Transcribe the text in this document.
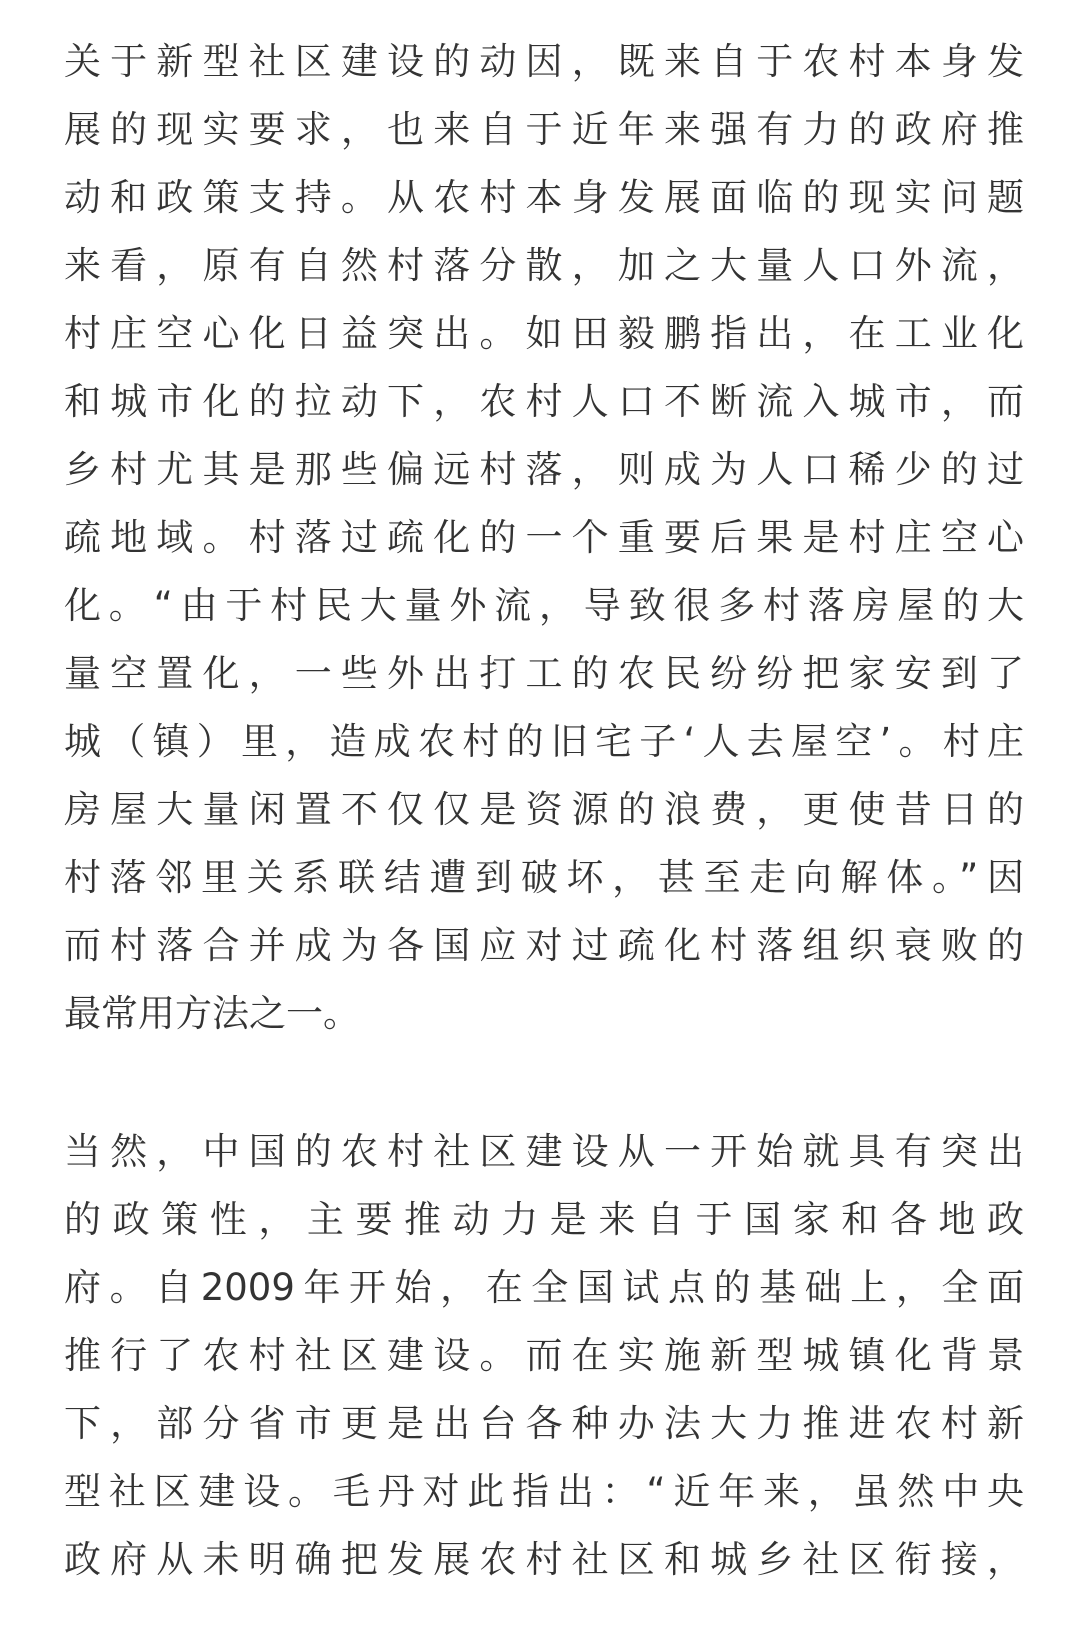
关于新型社区建设的动因，既来自于农村本身发
展的现实要求，也来自于近年来强有力的政府推
动和政策支持。从农村本身发展面临的现实问题
来看，原有自然村落分散，加之大量人口外流，
村庄空心化日益突出。如田毅鹏指出，在工业化
和城市化的拉动下，农村人口不断流入城市，而
乡村尤其是那些偏远村落，则成为人口稀少的过
疏地域。村落过疏化的一个重要后果是村庄空心
化。“由于村民大量外流，导致很多村落房屋的大
量空置化，一些外出打工的农民纷纷把家安到了
城（镇）里，造成农村的旧宅子‘人去屋空’。村庄
房屋大量闲置不仅仅是资源的浪费，更使昔日的
村落邻里关系联结遭到破坏，甚至走向解体。”因
而村落合并成为各国应对过疏化村落组织衰败的
最常用方法之一。
当然，中国的农村社区建设从一开始就具有突出
的政策性，主要推动力是来自于国家和各地政
府。自2009年开始，在全国试点的基础上，全面
推行了农村社区建设。而在实施新型城镇化背景
下，部分省市更是出台各种办法大力推进农村新
型社区建设。毛丹对此指出：“近年来，虽然中央
政府从未明确把发展农村社区和城乡社区衔接，
